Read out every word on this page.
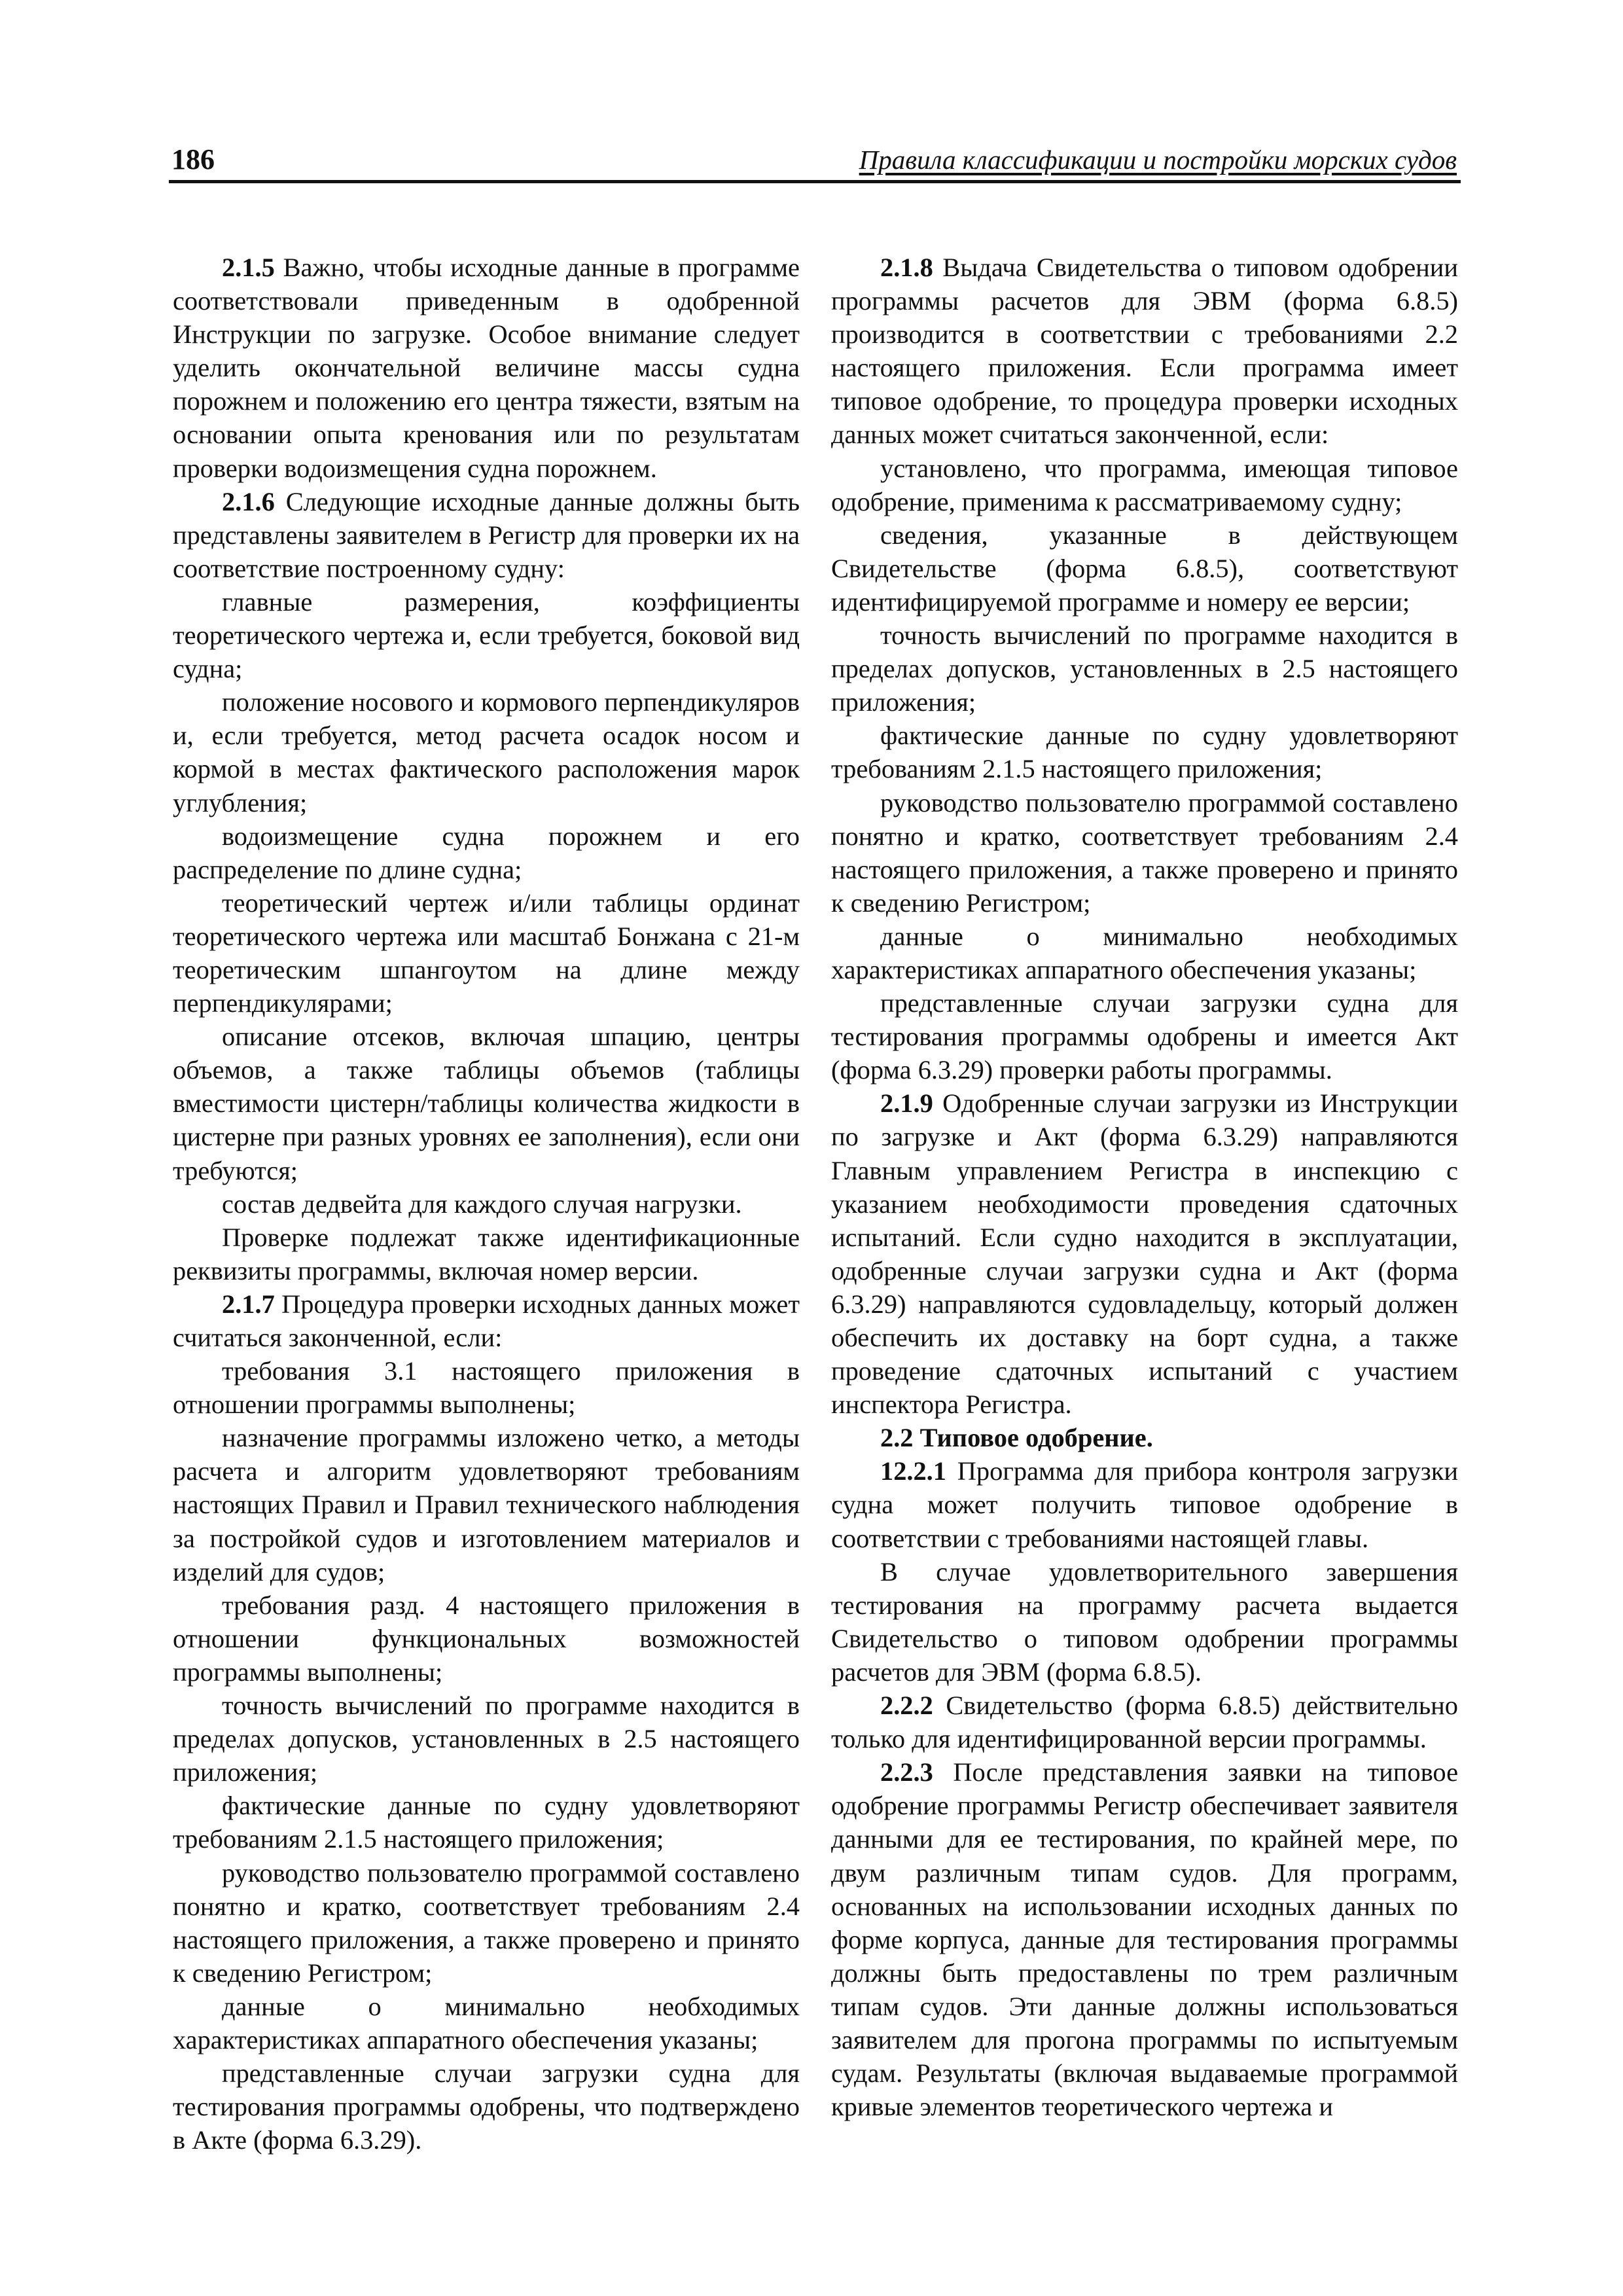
186	Правила классификации и постройки морских судов

2.1.5 Важно, чтобы исходные данные в программе соответствовали приведенным в одобренной Инструкции по загрузке. Особое внимание следует уделить окончательной величине массы судна порожнем и положению его центра тяжести, взятым на основании опыта кренования или по результатам проверки водоизмещения судна порожнем.

2.1.6 Следующие исходные данные должны быть представлены заявителем в Регистр для проверки их на соответствие построенному судну:

главные размерения, коэффициенты теоретического чертежа и, если требуется, боковой вид судна;

положение носового и кормового перпендикуляров и, если требуется, метод расчета осадок носом и кормой в местах фактического расположения марок углубления;

водоизмещение судна порожнем и его распределение по длине судна;

теоретический чертеж и/или таблицы ординат теоретического чертежа или масштаб Бонжана с 21-м теоретическим шпангоутом на длине между перпендикулярами;

описание отсеков, включая шпацию, центры объемов, а также таблицы объемов (таблицы вместимости цистерн/таблицы количества жидкости в цистерне при разных уровнях ее заполнения), если они требуются;

состав дедвейта для каждого случая нагрузки.

Проверке подлежат также идентификационные реквизиты программы, включая номер версии.

2.1.7 Процедура проверки исходных данных может считаться законченной, если:

требования 3.1 настоящего приложения в отношении программы выполнены;

назначение программы изложено четко, а методы расчета и алгоритм удовлетворяют требованиям настоящих Правил и Правил технического наблюдения за постройкой судов и изготовлением материалов и изделий для судов;

требования разд. 4 настоящего приложения в отношении функциональных возможностей программы выполнены;

точность вычислений по программе находится в пределах допусков, установленных в 2.5 настоящего приложения;

фактические данные по судну удовлетворяют требованиям 2.1.5 настоящего приложения;

руководство пользователю программой составлено понятно и кратко, соответствует требованиям 2.4 настоящего приложения, а также проверено и принято к сведению Регистром;

данные о минимально необходимых характеристиках аппаратного обеспечения указаны;

представленные случаи загрузки судна для тестирования программы одобрены, что подтверждено в Акте (форма 6.3.29).

2.1.8 Выдача Свидетельства о типовом одобрении программы расчетов для ЭВМ (форма 6.8.5) производится в соответствии с требованиями 2.2 настоящего приложения. Если программа имеет типовое одобрение, то процедура проверки исходных данных может считаться законченной, если:

установлено, что программа, имеющая типовое одобрение, применима к рассматриваемому судну;

сведения, указанные в действующем Свидетельстве (форма 6.8.5), соответствуют идентифицируемой программе и номеру ее версии;

точность вычислений по программе находится в пределах допусков, установленных в 2.5 настоящего приложения;

фактические данные по судну удовлетворяют требованиям 2.1.5 настоящего приложения;

руководство пользователю программой составлено понятно и кратко, соответствует требованиям 2.4 настоящего приложения, а также проверено и принято к сведению Регистром;

данные о минимально необходимых характеристиках аппаратного обеспечения указаны;

представленные случаи загрузки судна для тестирования программы одобрены и имеется Акт (форма 6.3.29) проверки работы программы.

2.1.9 Одобренные случаи загрузки из Инструкции по загрузке и Акт (форма 6.3.29) направляются Главным управлением Регистра в инспекцию с указанием необходимости проведения сдаточных испытаний. Если судно находится в эксплуатации, одобренные случаи загрузки судна и Акт (форма 6.3.29) направляются судовладельцу, который должен обеспечить их доставку на борт судна, а также проведение сдаточных испытаний с участием инспектора Регистра.

2.2 Типовое одобрение.

12.2.1 Программа для прибора контроля загрузки судна может получить типовое одобрение в соответствии с требованиями настоящей главы.

В случае удовлетворительного завершения тестирования на программу расчета выдается Свидетельство о типовом одобрении программы расчетов для ЭВМ (форма 6.8.5).

2.2.2 Свидетельство (форма 6.8.5) действительно только для идентифицированной версии программы.

2.2.3 После представления заявки на типовое одобрение программы Регистр обеспечивает заявителя данными для ее тестирования, по крайней мере, по двум различным типам судов. Для программ, основанных на использовании исходных данных по форме корпуса, данные для тестирования программы должны быть предоставлены по трем различным типам судов. Эти данные должны использоваться заявителем для прогона программы по испытуемым судам. Результаты (включая выдаваемые программой кривые элементов теоретического чертежа и
